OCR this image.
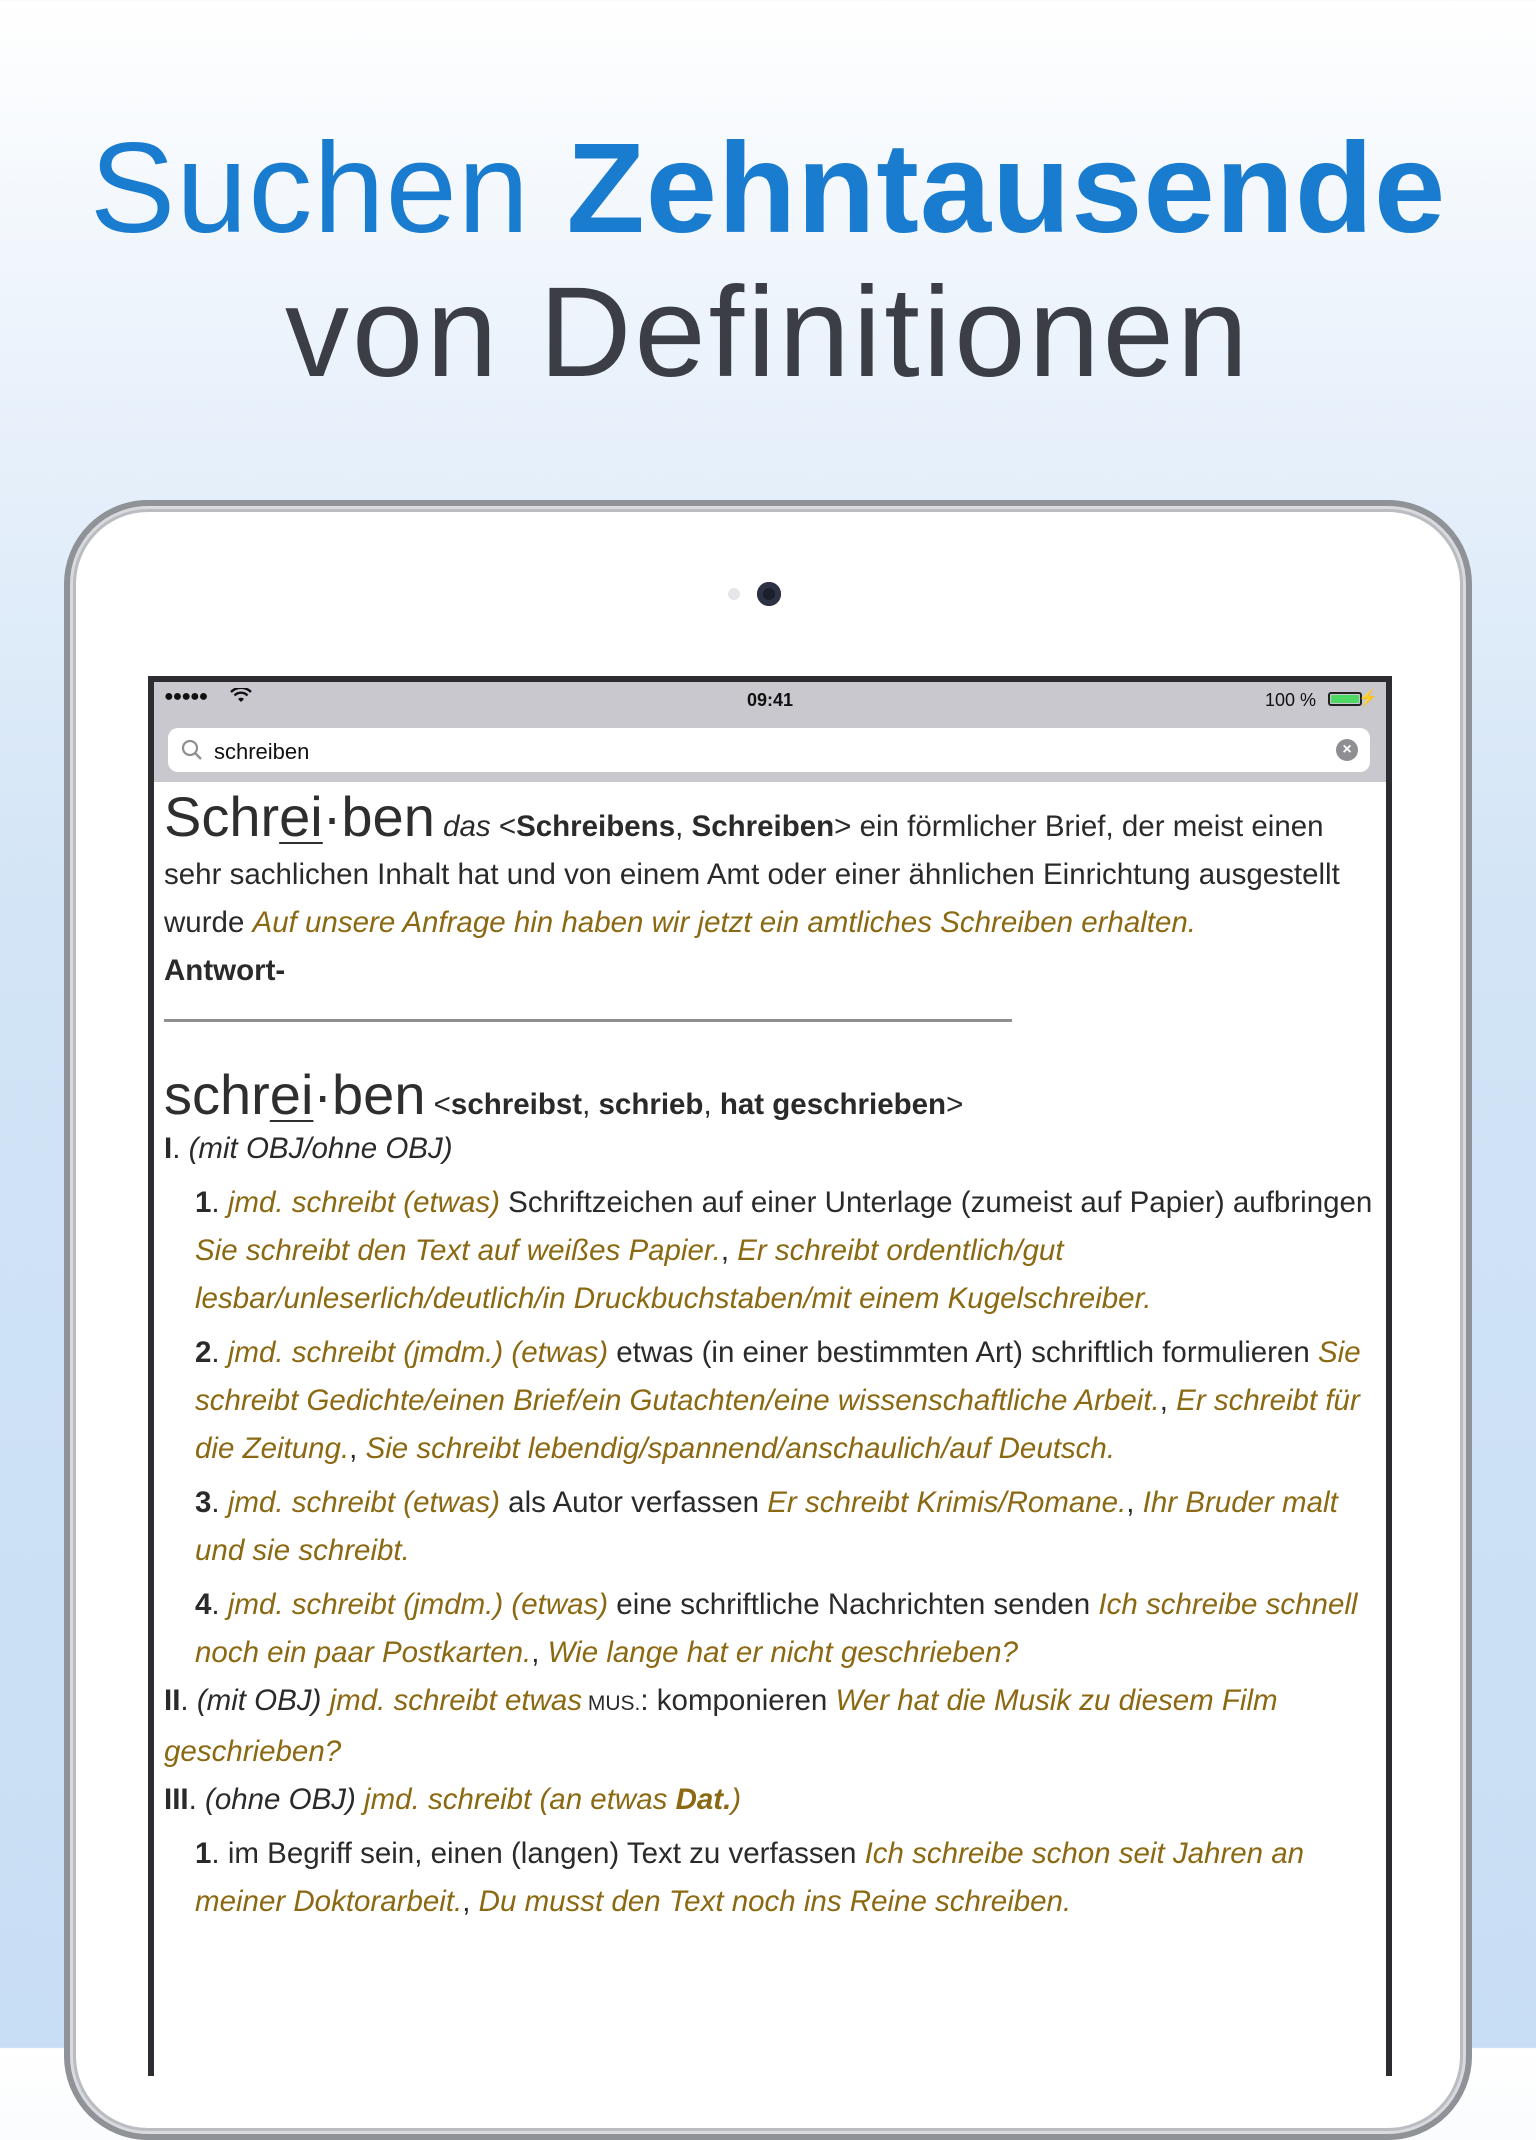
Suchen Zehntausende
von Definitionen
●●●●●	09:41	100 %	⚡
schreiben	×
Schrei·ben das <Schreibens, Schreiben> ein förmlicher Brief, der meist einen sehr sachlichen Inhalt hat und von einem Amt oder einer ähnlichen Einrichtung ausgestellt wurde Auf unsere Anfrage hin haben wir jetzt ein amtliches Schreiben erhalten.
Antwort-
schrei·ben <schreibst, schrieb, hat geschrieben>
I. (mit OBJ/ohne OBJ)
1. jmd. schreibt (etwas) Schriftzeichen auf einer Unterlage (zumeist auf Papier) aufbringen Sie schreibt den Text auf weißes Papier., Er schreibt ordentlich/gut lesbar/unleserlich/deutlich/in Druckbuchstaben/mit einem Kugelschreiber.
2. jmd. schreibt (jmdm.) (etwas) etwas (in einer bestimmten Art) schriftlich formulieren Sie schreibt Gedichte/einen Brief/ein Gutachten/eine wissenschaftliche Arbeit., Er schreibt für die Zeitung., Sie schreibt lebendig/spannend/anschaulich/auf Deutsch.
3. jmd. schreibt (etwas) als Autor verfassen Er schreibt Krimis/Romane., Ihr Bruder malt und sie schreibt.
4. jmd. schreibt (jmdm.) (etwas) eine schriftliche Nachrichten senden Ich schreibe schnell noch ein paar Postkarten., Wie lange hat er nicht geschrieben?
II. (mit OBJ) jmd. schreibt etwas MUS.: komponieren Wer hat die Musik zu diesem Film geschrieben?
III. (ohne OBJ) jmd. schreibt (an etwas Dat.)
1. im Begriff sein, einen (langen) Text zu verfassen Ich schreibe schon seit Jahren an meiner Doktorarbeit., Du musst den Text noch ins Reine schreiben.
